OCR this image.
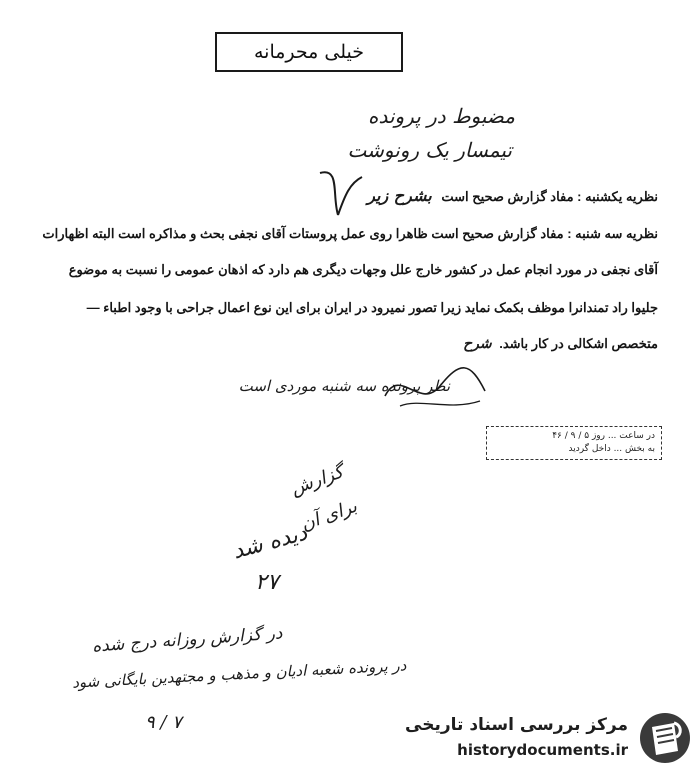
خیلی محرمانه
مضبوط در پرونده
تیمسار یک رونوشت
نظریه یکشنبه : مفاد گزارش صحیح است بشرح زیر
نظریه سه شنبه : مفاد گزارش صحیح است ظاهرا روی عمل پروستات آقای نجفی بحث و مذاکره است البته اظهارات
آقای نجفی در مورد انجام عمل در کشور خارج علل وجهات دیگری هم دارد که اذهان عمومی را نسبت به موضوع
جلیوا راد تمندانرا موظف بکمک نماید زیرا تصور نمیرود در ایران برای این نوع اعمال جراحی با وجود اطباء —
متخصص اشکالی در کار باشد. شرح
نظر پرونده سه شنبه موردی است
در ساعت ... روز ۵ / ۹ / ۴۶
به بخش ... داخل گردید
گزارش
برای آن
دیده شد
۲۷
در گزارش روزانه درج شده
در پرونده شعبه ادیان و مذهب و مجتهدین بایگانی شود
۹ / ۷	مرکز بررسی اسناد تاریخی
historydocuments.ir
